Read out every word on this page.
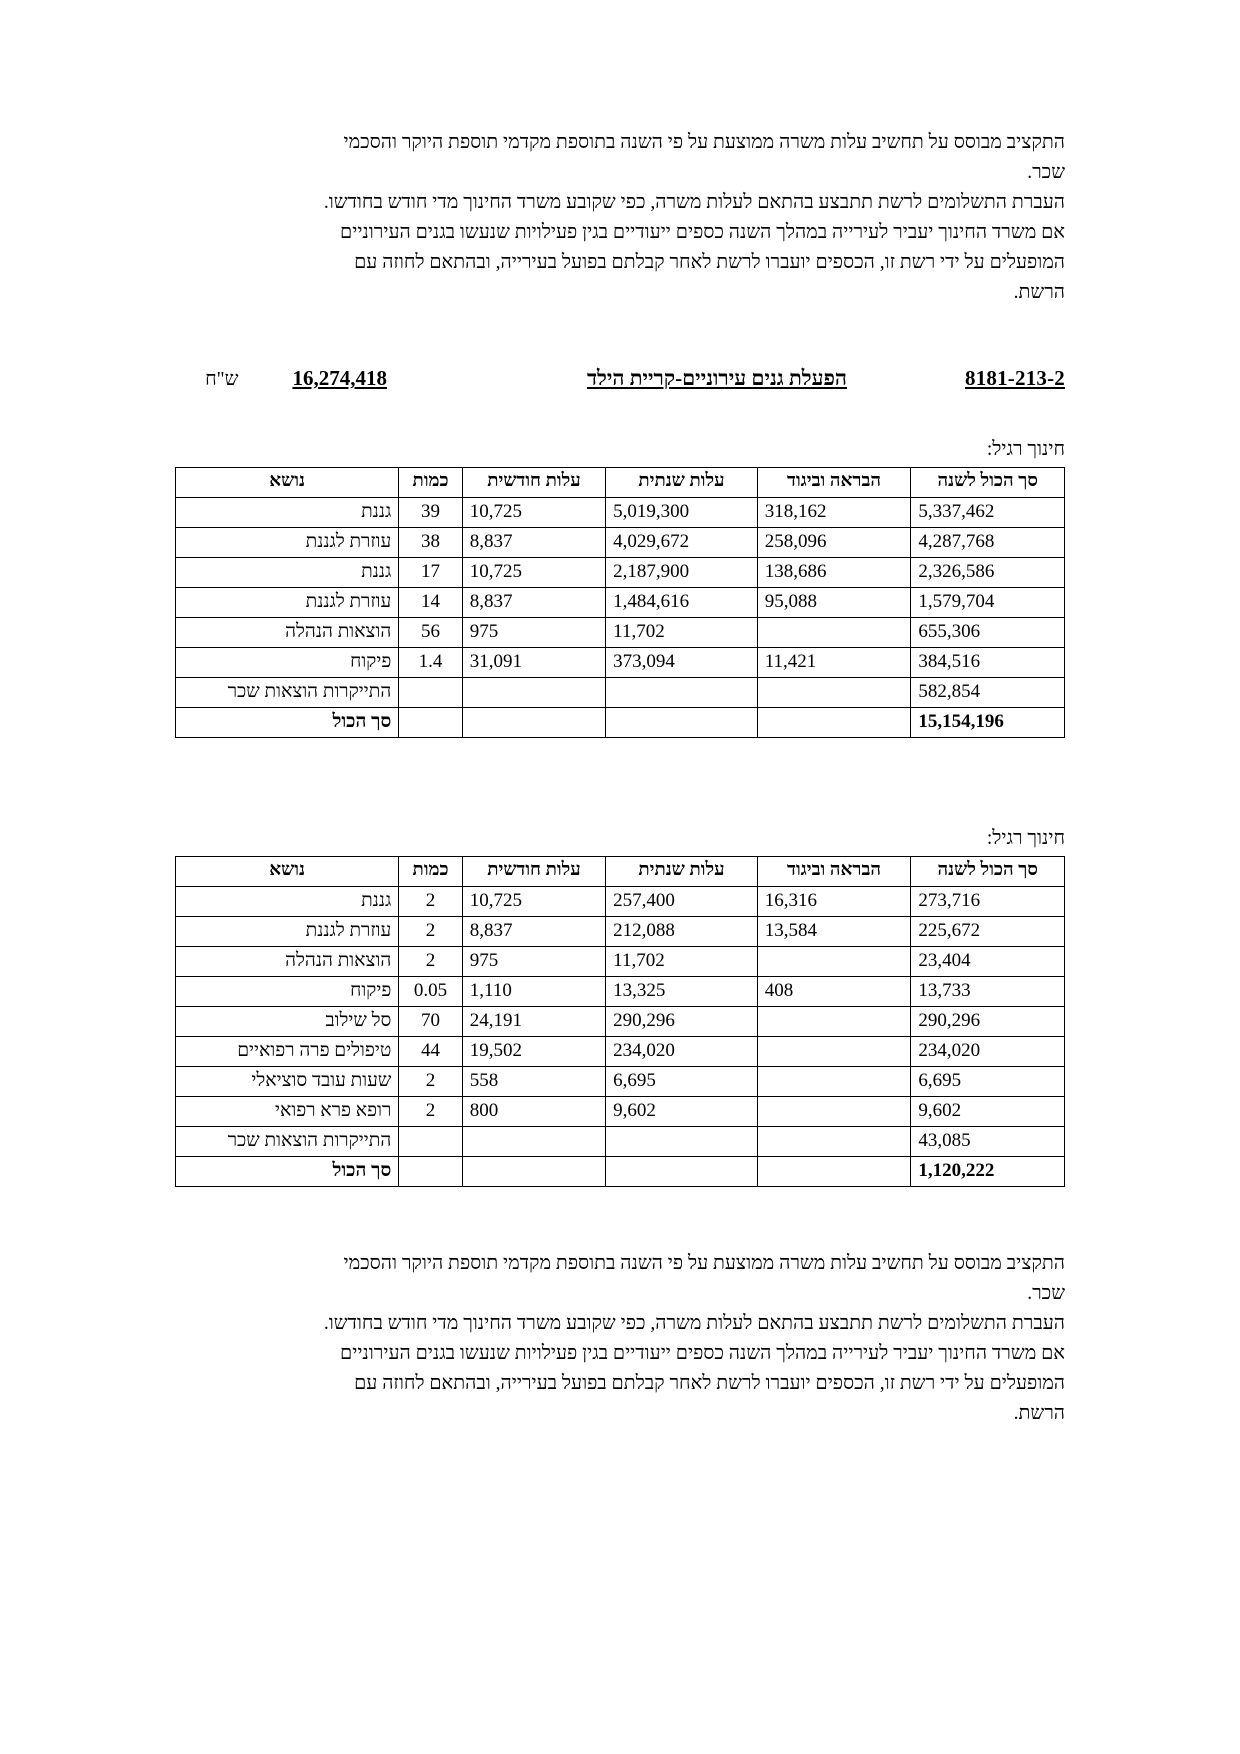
התקציב מבוסס על תחשיב עלות משרה ממוצעת על פי השנה בתוספת מקדמי תוספת היוקר והסכמי
שכר.
העברת התשלומים לרשת תתבצע בהתאם לעלות משרה, כפי שקובע משרד החינוך מדי חודש בחודשו.
אם משרד החינוך יעביר לעירייה במהלך השנה כספים ייעודיים בגין פעילויות שנעשו בגנים העירוניים
המופעלים על ידי רשת זו, הכספים יועברו לרשת לאחר קבלתם בפועל בעירייה, ובהתאם לחוזה עם
הרשת.
8181-213-2
הפעלת גנים עירוניים-קריית הילד
16,274,418
ש"ח
חינוך רגיל:
סך הכול לשנה	הבראה וביגוד	עלות שנתית	עלות חודשית	כמות	נושא
5,337,462	318,162	5,019,300	10,725	39	גננת
4,287,768	258,096	4,029,672	8,837	38	עוזרת לגננת
2,326,586	138,686	2,187,900	10,725	17	גננת
1,579,704	95,088	1,484,616	8,837	14	עוזרת לגננת
655,306		11,702	975	56	הוצאות הנהלה
384,516	11,421	373,094	31,091	1.4	פיקוח
582,854					התייקרות הוצאות שכר
15,154,196					סך הכול
חינוך רגיל:
סך הכול לשנה	הבראה וביגוד	עלות שנתית	עלות חודשית	כמות	נושא
273,716	16,316	257,400	10,725	2	גננת
225,672	13,584	212,088	8,837	2	עוזרת לגננת
23,404		11,702	975	2	הוצאות הנהלה
13,733	408	13,325	1,110	0.05	פיקוח
290,296		290,296	24,191	70	סל שילוב
234,020		234,020	19,502	44	טיפולים פרה רפואיים
6,695		6,695	558	2	שעות עובד סוציאלי
9,602		9,602	800	2	רופא פרא רפואי
43,085					התייקרות הוצאות שכר
1,120,222					סך הכול
התקציב מבוסס על תחשיב עלות משרה ממוצעת על פי השנה בתוספת מקדמי תוספת היוקר והסכמי
שכר.
העברת התשלומים לרשת תתבצע בהתאם לעלות משרה, כפי שקובע משרד החינוך מדי חודש בחודשו.
אם משרד החינוך יעביר לעירייה במהלך השנה כספים ייעודיים בגין פעילויות שנעשו בגנים העירוניים
המופעלים על ידי רשת זו, הכספים יועברו לרשת לאחר קבלתם בפועל בעירייה, ובהתאם לחוזה עם
הרשת.
